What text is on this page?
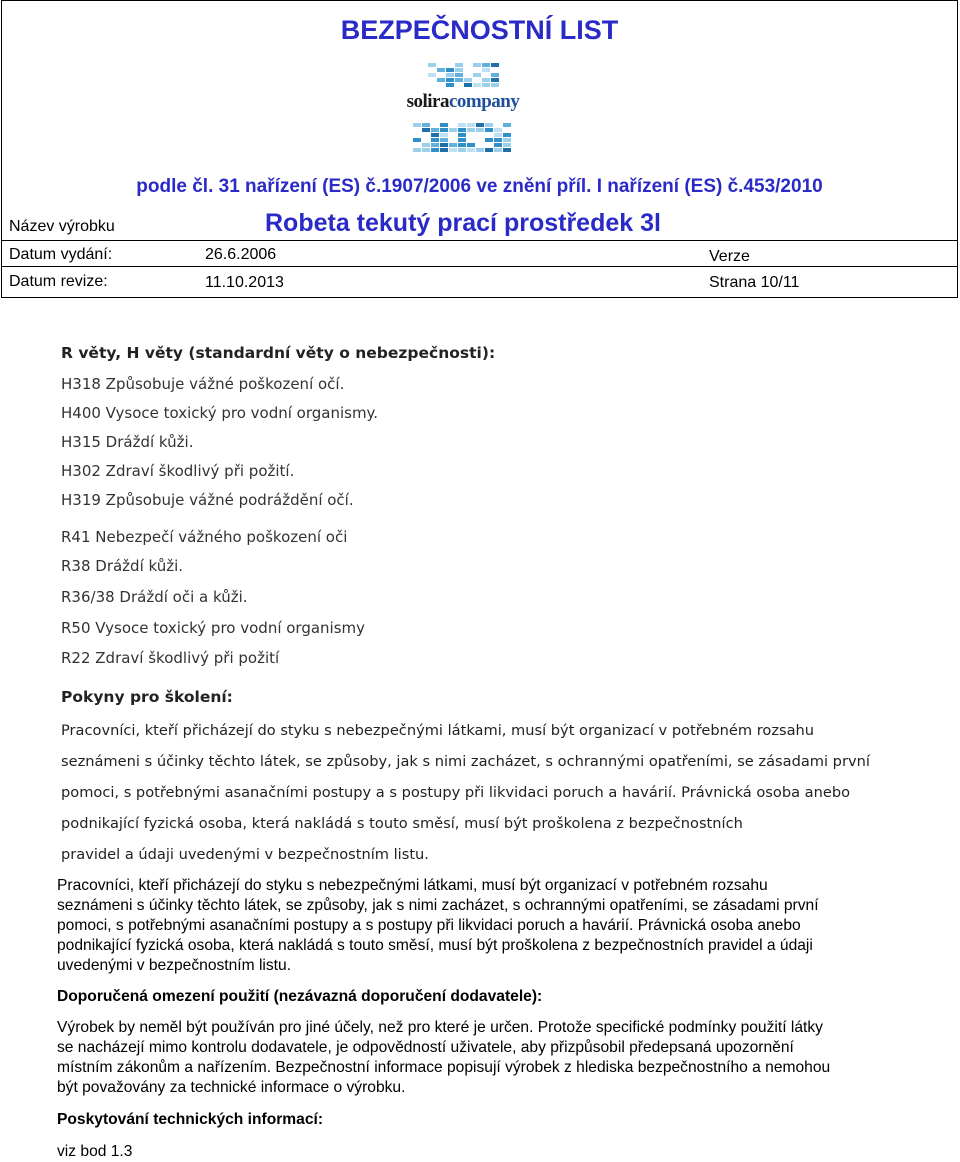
BEZPEČNOSTNÍ LIST
soliracompany
podle čl. 31 nařízení (ES) č.1907/2006 ve znění příl. I nařízení (ES) č.453/2010
Název výrobku	Robeta tekutý prací prostředek 3l
Datum vydání:	26.6.2006	Verze
Datum revize:	11.10.2013	Strana 10/11
R věty, H věty (standardní věty o nebezpečnosti):
H318 Způsobuje vážné poškození očí.
H400 Vysoce toxický pro vodní organismy.
H315 Dráždí kůži.
H302 Zdraví škodlivý při požití.
H319 Způsobuje vážné podráždění očí.
R41 Nebezpečí vážného poškození oči
R38 Dráždí kůži.
R36/38 Dráždí oči a kůži.
R50 Vysoce toxický pro vodní organismy
R22 Zdraví škodlivý při požití
Pokyny pro školení:
Pracovníci, kteří přicházejí do styku s nebezpečnými látkami, musí být organizací v potřebném rozsahu
seznámeni s účinky těchto látek, se způsoby, jak s nimi zacházet, s ochrannými opatřeními, se zásadami první
pomoci, s potřebnými asanačními postupy a s postupy při likvidaci poruch a havárií. Právnická osoba anebo
podnikající fyzická osoba, která nakládá s touto směsí, musí být proškolena z bezpečnostních
pravidel a údaji uvedenými v bezpečnostním listu.
Pracovníci, kteří přicházejí do styku s nebezpečnými látkami, musí být organizací v potřebném rozsahu
seznámeni s účinky těchto látek, se způsoby, jak s nimi zacházet, s ochrannými opatřeními, se zásadami první
pomoci, s potřebnými asanačními postupy a s postupy při likvidaci poruch a havárií. Právnická osoba anebo
podnikající fyzická osoba, která nakládá s touto směsí, musí být proškolena z bezpečnostních pravidel a údaji
uvedenými v bezpečnostním listu.
Doporučená omezení použití (nezávazná doporučení dodavatele):
Výrobek by neměl být používán pro jiné účely, než pro které je určen. Protože specifické podmínky použití látky
se nacházejí mimo kontrolu dodavatele, je odpovědností uživatele, aby přizpůsobil předepsaná upozornění
místním zákonům a nařízením. Bezpečnostní informace popisují výrobek z hlediska bezpečnostního a nemohou
být považovány za technické informace o výrobku.
Poskytování technických informací:
viz bod 1.3
